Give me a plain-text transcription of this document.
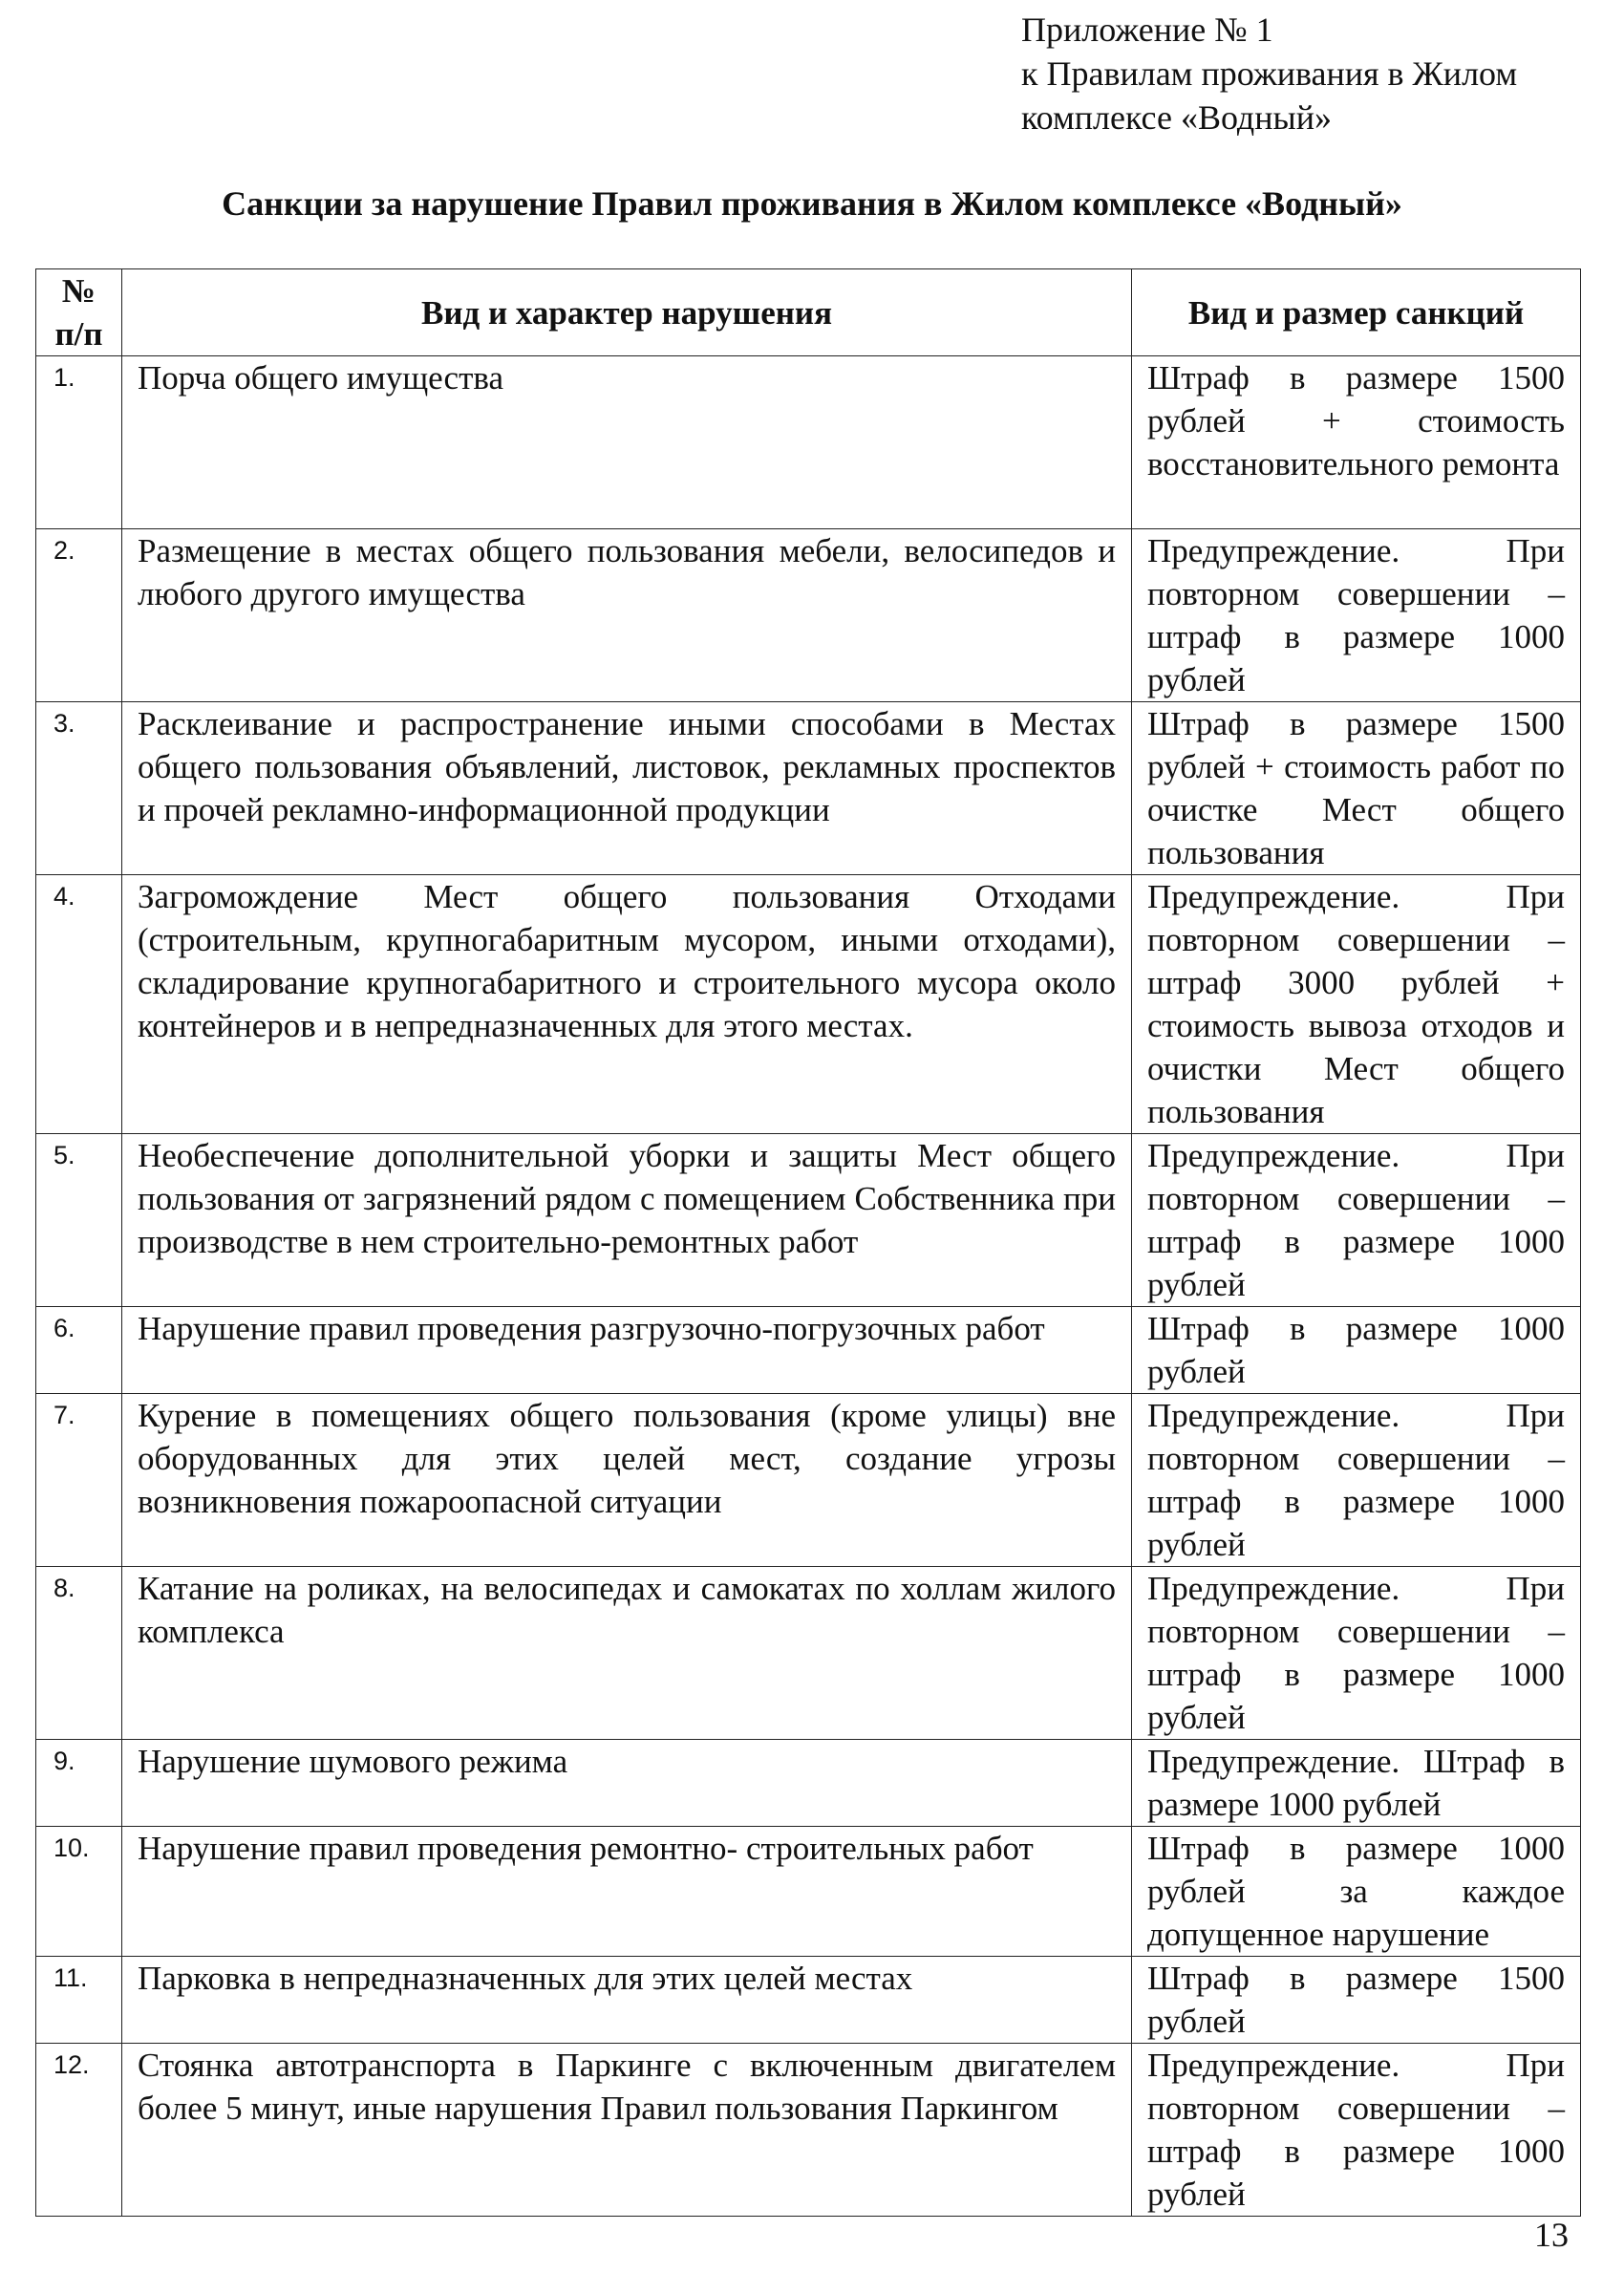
Приложение № 1
к Правилам проживания в Жилом
комплексе «Водный»
Санкции за нарушение Правил проживания в Жилом комплексе «Водный»
№
п/п	Вид и характер нарушения	Вид и размер санкций
1.	Порча общего имущества	Штраф в размере 1500 рублей + стоимость восстановительного ремонта
2.	Размещение в местах общего пользования мебели, велосипедов и любого другого имущества	Предупреждение. При повторном совершении – штраф в размере 1000 рублей
3.	Расклеивание и распространение иными способами в Местах общего пользования объявлений, листовок, рекламных проспектов и прочей рекламно-информационной продукции	Штраф в размере 1500 рублей + стоимость работ по очистке Мест общего пользования
4.	Загромождение Мест общего пользования Отходами (строительным, крупногабаритным мусором, иными отходами), складирование крупногабаритного и строительного мусора около контейнеров и в непредназначенных для этого местах.	Предупреждение. При повторном совершении – штраф 3000 рублей + стоимость вывоза отходов и очистки Мест общего пользования
5.	Необеспечение дополнительной уборки и защиты Мест общего пользования от загрязнений рядом с помещением Собственника при производстве в нем строительно-ремонтных работ	Предупреждение. При повторном совершении – штраф в размере 1000 рублей
6.	Нарушение правил проведения разгрузочно-погрузочных работ	Штраф в размере 1000 рублей
7.	Курение в помещениях общего пользования (кроме улицы) вне оборудованных для этих целей мест, создание угрозы возникновения пожароопасной ситуации	Предупреждение. При повторном совершении – штраф в размере 1000 рублей
8.	Катание на роликах, на велосипедах и самокатах по холлам жилого комплекса	Предупреждение. При повторном совершении – штраф в размере 1000 рублей
9.	Нарушение шумового режима	Предупреждение. Штраф в размере 1000 рублей
10.	Нарушение правил проведения ремонтно- строительных работ	Штраф в размере 1000 рублей за каждое допущенное нарушение
11.	Парковка в непредназначенных для этих целей местах	Штраф в размере 1500 рублей
12.	Стоянка автотранспорта в Паркинге с включенным двигателем более 5 минут, иные нарушения Правил пользования Паркингом	Предупреждение. При повторном совершении – штраф в размере 1000 рублей
13
